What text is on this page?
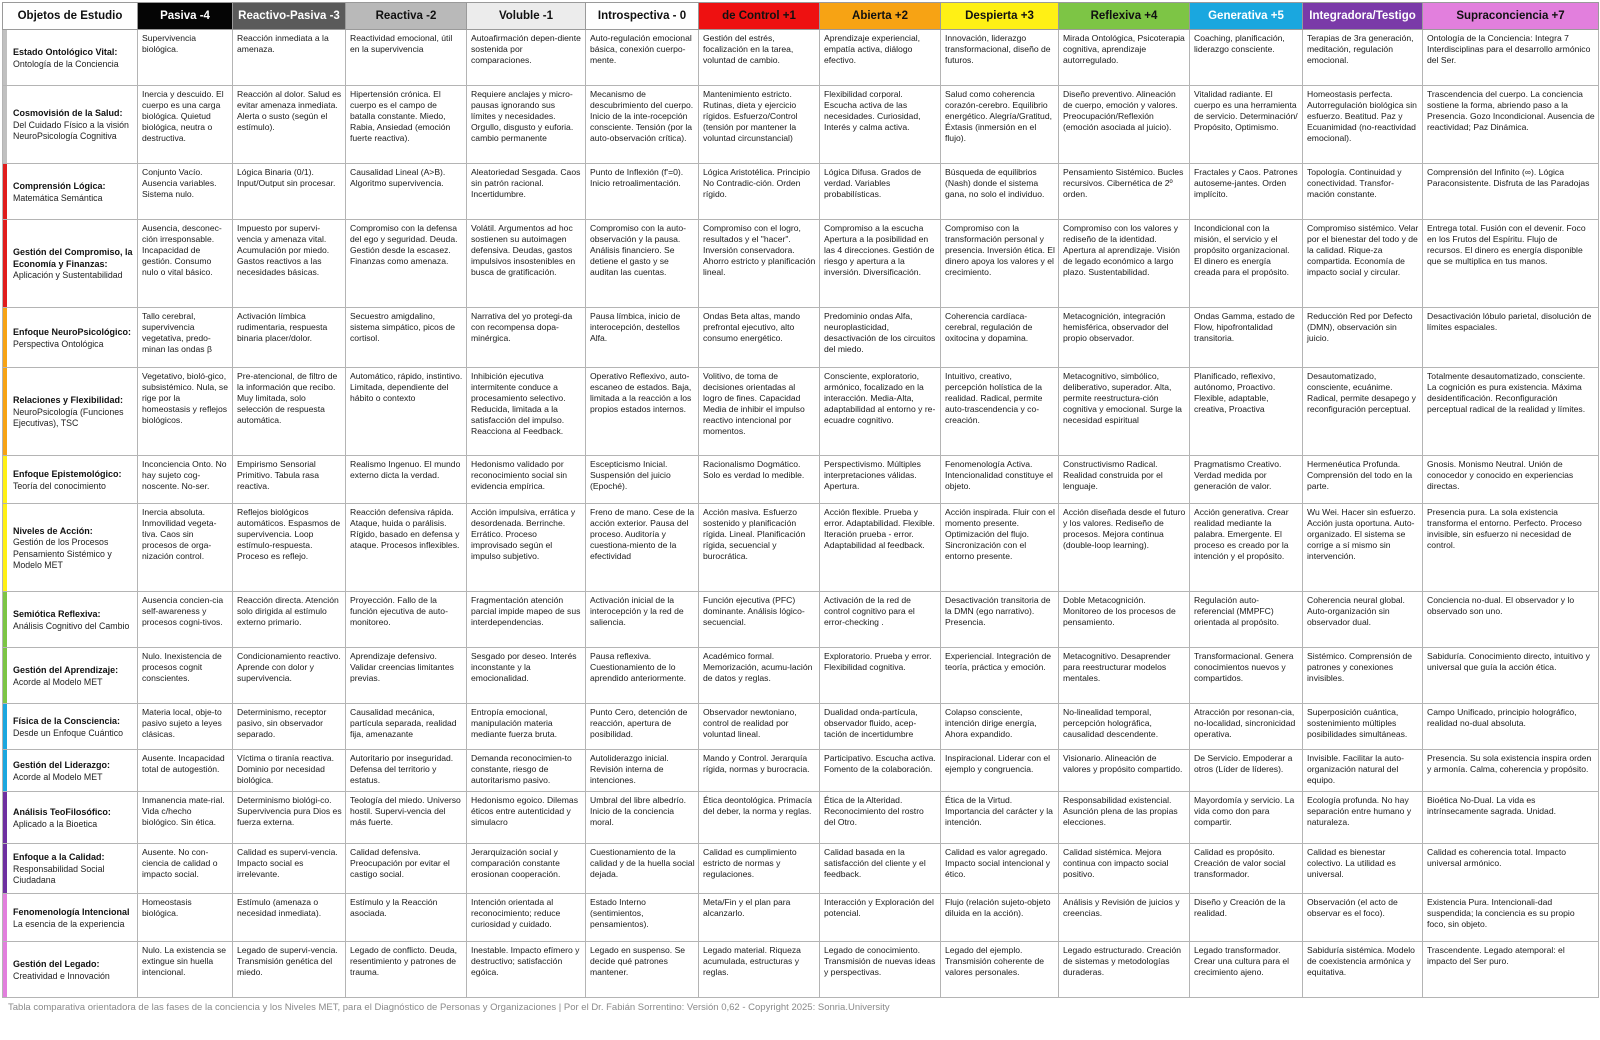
Objetos de Estudio	Pasiva -4	Reactivo-Pasiva -3	Reactiva -2	Voluble -1	Introspectiva - 0	de Control +1	Abierta +2	Despierta +3	Reflexiva +4	Generativa +5	Integradora/Testigo	Supraconciencia +7

Estado Ontológico Vital:
Ontología de la Conciencia	Supervivencia biológica.	Reacción inmediata a la amenaza.	Reactividad emocional, útil en la supervivencia	Autoafirmación depen-diente sostenida por comparaciones.	Auto-regulación emocional básica, conexión cuerpo-mente.	Gestión del estrés, focalización en la tarea, voluntad de cambio.	Aprendizaje experiencial, empatía activa, diálogo efectivo.	Innovación, liderazgo transformacional, diseño de futuros.	Mirada Ontológica, Psicoterapia cognitiva, aprendizaje autorregulado.	Coaching, planificación, liderazgo consciente.	Terapias de 3ra generación, meditación, regulación emocional.	Ontología de la Conciencia: Integra 7 Interdisciplinas para el desarrollo armónico del Ser.

Cosmovisión de la Salud:
Del Cuidado Físico a la visión NeuroPsicología Cognitiva	Inercia y descuido. El cuerpo es una carga biológica. Quietud biológica, neutra o destructiva.	Reacción al dolor. Salud es evitar amenaza inmediata. Alerta o susto (según el estímulo).	Hipertensión crónica. El cuerpo es el campo de batalla constante. Miedo, Rabia, Ansiedad (emoción fuerte reactiva).	Requiere anclajes y micro-pausas ignorando sus límites y necesidades. Orgullo, disgusto y euforia. cambio permanente	Mecanismo de descubrimiento del cuerpo. Inicio de la inte-rocepción consciente. Tensión (por la auto-observación crítica).	Mantenimiento estricto. Rutinas, dieta y ejercicio rígidos. Esfuerzo/Control (tensión por mantener la voluntad circunstancial)	Flexibilidad corporal. Escucha activa de las necesidades. Curiosidad, Interés y calma activa.	Salud como coherencia corazón-cerebro. Equilibrio energético. Alegría/Gratitud, Éxtasis (inmersión en el flujo).	Diseño preventivo. Alineación de cuerpo, emoción y valores. Preocupación/Reflexión (emoción asociada al juicio).	Vitalidad radiante. El cuerpo es una herramienta de servicio. Determinación/ Propósito, Optimismo.	Homeostasis perfecta. Autorregulación biológica sin esfuerzo. Beatitud. Paz y Ecuanimidad (no-reactividad emocional).	Trascendencia del cuerpo. La conciencia sostiene la forma, abriendo paso a la Presencia. Gozo Incondicional. Ausencia de reactividad; Paz Dinámica.

Comprensión Lógica:
Matemática Semántica	Conjunto Vacío. Ausencia variables. Sistema nulo.	Lógica Binaria (0/1). Input/Output sin procesar.	Causalidad Lineal (A>B). Algoritmo supervivencia.	Aleatoriedad Sesgada. Caos sin patrón racional. Incertidumbre.	Punto de Inflexión (f'=0). Inicio retroalimentación.	Lógica Aristotélica. Principio No Contradic-ción. Orden rígido.	Lógica Difusa. Grados de verdad. Variables probabilísticas.	Búsqueda de equilibrios (Nash) donde el sistema gana, no solo el individuo.	Pensamiento Sistémico. Bucles recursivos. Cibernética de 2º orden.	Fractales y Caos. Patrones autoseme-jantes. Orden implícito.	Topología. Continuidad y conectividad. Transfor-mación constante.	Comprensión del Infinito (∞). Lógica Paraconsistente. Disfruta de las Paradojas

Gestión del Compromiso, la Economía y Finanzas:
Aplicación y Sustentabilidad	Ausencia, desconec- ción irresponsable. Incapacidad de gestión. Consumo nulo o vital básico.	Impuesto por supervi-vencia y amenaza vital. Acumulación por miedo. Gastos reactivos a las necesidades básicas.	Compromiso con la defensa del ego y seguridad. Deuda. Gestión desde la escasez. Finanzas como amenaza.	Volátil. Argumentos ad hoc sostienen su autoimagen defensiva. Deudas, gastos impulsivos insostenibles en busca de gratificación.	Compromiso con la auto-observación y la pausa. Análisis financiero. Se detiene el gasto y se auditan las cuentas.	Compromiso con el logro, resultados y el "hacer". Inversión conservadora. Ahorro estricto y planificación lineal.	Compromiso a la escucha Apertura a la posibilidad en las 4 direcciones. Gestión de riesgo y apertura a la inversión. Diversificación.	Compromiso con la transformación personal y presencia. Inversión ética. El dinero apoya los valores y el crecimiento.	Compromiso con los valores y rediseño de la identidad. Apertura al aprendizaje. Visión de legado económico a largo plazo. Sustentabilidad.	Incondicional con la misión, el servicio y el propósito organizacional. El dinero es energía creada para el propósito.	Compromiso sistémico. Velar por el bienestar del todo y de la calidad. Rique-za compartida. Economía de impacto social y circular.	Entrega total. Fusión con el devenir. Foco en los Frutos del Espíritu. Flujo de recursos. El dinero es energía disponible que se multiplica en tus manos.

Enfoque NeuroPsicológico:
Perspectiva Ontológica	Tallo cerebral, supervivencia vegetativa, predo-minan las ondas β	Activación límbica rudimentaria, respuesta binaria placer/dolor.	Secuestro amigdalino, sistema simpático, picos de cortisol.	Narrativa del yo protegi-da con recompensa dopa-minérgica.	Pausa límbica, inicio de interocepción, destellos Alfa.	Ondas Beta altas, mando prefrontal ejecutivo, alto consumo energético.	Predominio ondas Alfa, neuroplasticidad, desactivación de los circuitos del miedo.	Coherencia cardíaca-cerebral, regulación de oxitocina y dopamina.	Metacognición, integración hemisférica, observador del propio observador.	Ondas Gamma, estado de Flow, hipofrontalidad transitoria.	Reducción Red por Defecto (DMN), observación sin juicio.	Desactivación lóbulo parietal, disolución de límites espaciales.

Relaciones y Flexibilidad:
NeuroPsicología (Funciones Ejecutivas), TSC	Vegetativo, bioló-gico, subsistémico. Nula, se rige por la homeostasis y reflejos biológicos.	Pre-atencional, de filtro de la información que recibo. Muy limitada, solo selección de respuesta automática.	Automático, rápido, instintivo. Limitada, dependiente del hábito o contexto	Inhibición ejecutiva intermitente conduce a procesamiento selectivo. Reducida, limitada a la satisfacción del impulso. Reacciona al Feedback.	Operativo Reflexivo, auto-escaneo de estados. Baja, limitada a la reacción a los propios estados internos.	Volitivo, de toma de decisiones orientadas al logro de fines. Capacidad Media de inhibir el impulso reactivo intencional por momentos.	Consciente, exploratorio, armónico, focalizado en la interacción. Media-Alta, adaptabilidad al entorno y re-ecuadre cognitivo.	Intuitivo, creativo, percepción holística de la realidad. Radical, permite auto-trascendencia y co-creación.	Metacognitivo, simbólico, deliberativo, superador. Alta, permite reestructura-ción cognitiva y emocional. Surge la necesidad espiritual	Planificado, reflexivo, autónomo, Proactivo. Flexible, adaptable, creativa, Proactiva	Desautomatizado, consciente, ecuánime. Radical, permite desapego y reconfiguración perceptual.	Totalmente desautomatizado, consciente. La cognición es pura existencia. Máxima desidentificación. Reconfiguración perceptual radical de la realidad y límites.

Enfoque Epistemológico:
Teoría del conocimiento	Inconciencia Onto. No hay sujeto cog-noscente. No-ser.	Empirismo Sensorial Primitivo. Tabula rasa reactiva.	Realismo Ingenuo. El mundo externo dicta la verdad.	Hedonismo validado por reconocimiento social sin evidencia empírica.	Escepticismo Inicial. Suspensión del juicio (Epoché).	Racionalismo Dogmático. Solo es verdad lo medible.	Perspectivismo. Múltiples interpretaciones válidas. Apertura.	Fenomenología Activa. Intencionalidad constituye el objeto.	Constructivismo Radical. Realidad construida por el lenguaje.	Pragmatismo Creativo. Verdad medida por generación de valor.	Hermenéutica Profunda. Comprensión del todo en la parte.	Gnosis. Monismo Neutral. Unión de conocedor y conocido en experiencias directas.

Niveles de Acción:
Gestión de los Procesos Pensamiento Sistémico y Modelo MET	Inercia absoluta. Inmovilidad vegeta-tiva. Caos sin procesos de orga-nización control.	Reflejos biológicos automáticos. Espasmos de supervivencia. Loop estímulo-respuesta. Proceso es reflejo.	Reacción defensiva rápida. Ataque, huida o parálisis. Rígido, basado en defensa y ataque. Procesos inflexibles.	Acción impulsiva, errática y desordenada. Berrinche. Errático. Proceso improvisado según el impulso subjetivo.	Freno de mano. Cese de la acción exterior. Pausa del proceso. Auditoría y cuestiona-miento de la efectividad	Acción masiva. Esfuerzo sostenido y planificación rígida. Lineal. Planificación rígida, secuencial y burocrática.	Acción flexible. Prueba y error. Adaptabilidad. Flexible. Iteración prueba - error. Adaptabilidad al feedback.	Acción inspirada. Fluir con el momento presente. Optimización del flujo. Sincronización con el entorno presente.	Acción diseñada desde el futuro y los valores. Rediseño de procesos. Mejora continua (double-loop learning).	Acción generativa. Crear realidad mediante la palabra. Emergente. El proceso es creado por la intención y el propósito.	Wu Wei. Hacer sin esfuerzo. Acción justa oportuna. Auto-organizado. El sistema se corrige a sí mismo sin intervención.	Presencia pura. La sola existencia transforma el entorno. Perfecto. Proceso invisible, sin esfuerzo ni necesidad de control.

Semiótica Reflexiva:
Análisis Cognitivo del Cambio	Ausencia concien-cia self-awareness y procesos cogni-tivos.	Reacción directa. Atención solo dirigida al estímulo externo primario.	Proyección. Fallo de la función ejecutiva de auto-monitoreo.	Fragmentación atención parcial impide mapeo de sus interdependencias.	Activación inicial de la interocepción y la red de saliencia.	Función ejecutiva (PFC) dominante. Análisis lógico-secuencial.	Activación de la red de control cognitivo para el error-checking .	Desactivación transitoria de la DMN (ego narrativo). Presencia.	Doble Metacognición. Monitoreo de los procesos de pensamiento.	Regulación auto-referencial (MMPFC) orientada al propósito.	Coherencia neural global. Auto-organización sin observador dual.	Conciencia no-dual. El observador y lo observado son uno.

Gestión del Aprendizaje:
Acorde al Modelo MET	Nulo. Inexistencia de procesos cognit conscientes.	Condicionamiento reactivo. Aprende con dolor y supervivencia.	Aprendizaje defensivo. Validar creencias limitantes previas.	Sesgado por deseo. Interés inconstante y la emocionalidad.	Pausa reflexiva. Cuestionamiento de lo aprendido anteriormente.	Académico formal. Memorización, acumu-lación de datos y reglas.	Exploratorio. Prueba y error. Flexibilidad cognitiva.	Experiencial. Integración de teoría, práctica y emoción.	Metacognitivo. Desaprender para reestructurar modelos mentales.	Transformacional. Genera conocimientos nuevos y compartidos.	Sistémico. Comprensión de patrones y conexiones invisibles.	Sabiduría. Conocimiento directo, intuitivo y universal que guía la acción ética.

Física de la Consciencia:
Desde un Enfoque Cuántico	Materia local, obje-to pasivo sujeto a leyes clásicas.	Determinismo, receptor pasivo, sin observador separado.	Causalidad mecánica, partícula separada, realidad fija, amenazante	Entropía emocional, manipulación materia mediante fuerza bruta.	Punto Cero, detención de reacción, apertura de posibilidad.	Observador newtoniano, control de realidad por voluntad lineal.	Dualidad onda-partícula, observador fluido, acep-tación de incertidumbre	Colapso consciente, intención dirige energía, Ahora expandido.	No-linealidad temporal, percepción holográfica, causalidad descendente.	Atracción por resonan-cia, no-localidad, sincronicidad operativa.	Superposición cuántica, sostenimiento múltiples posibilidades simultáneas.	Campo Unificado, principio holográfico, realidad no-dual absoluta.

Gestión del Liderazgo:
Acorde al Modelo MET	Ausente. Incapacidad total de autogestión.	Víctima o tiranía reactiva. Dominio por necesidad biológica.	Autoritario por inseguridad. Defensa del territorio y estatus.	Demanda reconocimien-to constante, riesgo de autoritarismo pasivo.	Autoliderazgo inicial. Revisión interna de intenciones.	Mando y Control. Jerarquía rígida, normas y burocracia.	Participativo. Escucha activa. Fomento de la colaboración.	Inspiracional. Liderar con el ejemplo y congruencia.	Visionario. Alineación de valores y propósito compartido.	De Servicio. Empoderar a otros (Líder de líderes).	Invisible. Facilitar la auto-organización natural del equipo.	Presencia. Su sola existencia inspira orden y armonía. Calma, coherencia y propósito.

Análisis TeoFilosófico:
Aplicado a la Bioetica	Inmanencia mate-rial. Vida c/hecho biológico. Sin ética.	Determinismo biológi-co. Supervivencia pura Dios es fuerza externa.	Teología del miedo. Universo hostil. Supervi-vencia del más fuerte.	Hedonismo egoico. Dilemas éticos entre autenticidad y simulacro	Umbral del libre albedrío. Inicio de la conciencia moral.	Ética deontológica. Primacía del deber, la norma y reglas.	Ética de la Alteridad. Reconocimiento del rostro del Otro.	Ética de la Virtud. Importancia del carácter y la intención.	Responsabilidad existencial. Asunción plena de las propias elecciones.	Mayordomía y servicio. La vida como don para compartir.	Ecología profunda. No hay separación entre humano y naturaleza.	Bioética No-Dual. La vida es intrínsecamente sagrada. Unidad.

Enfoque a la Calidad:
Responsabilidad Social Ciudadana	Ausente. No con-ciencia de calidad o impacto social.	Calidad es supervi-vencia. Impacto social es irrelevante.	Calidad defensiva. Preocupación por evitar el castigo social.	Jerarquización social y comparación constante erosionan cooperación.	Cuestionamiento de la calidad y de la huella social dejada.	Calidad es cumplimiento estricto de normas y regulaciones.	Calidad basada en la satisfacción del cliente y el feedback.	Calidad es valor agregado. Impacto social intencional y ético.	Calidad sistémica. Mejora continua con impacto social positivo.	Calidad es propósito. Creación de valor social transformador.	Calidad es bienestar colectivo. La utilidad es universal.	Calidad es coherencia total. Impacto universal armónico.

Fenomenología Intencional
La esencia de la experiencia	Homeostasis biológica.	Estímulo (amenaza o necesidad inmediata).	Estímulo y la Reacción asociada.	Intención orientada al reconocimiento; reduce curiosidad y cuidado.	Estado Interno (sentimientos, pensamientos).	Meta/Fin y el plan para alcanzarlo.	Interacción y Exploración del potencial.	Flujo (relación sujeto-objeto diluida en la acción).	Análisis y Revisión de juicios y creencias.	Diseño y Creación de la realidad.	Observación (el acto de observar es el foco).	Existencia Pura. Intencionali-dad suspendida; la conciencia es su propio foco, sin objeto.

Gestión del Legado:
Creatividad e Innovación	Nulo. La existencia se extingue sin huella intencional.	Legado de supervi-vencia. Transmisión genética del miedo.	Legado de conflicto. Deuda, resentimiento y patrones de trauma.	Inestable. Impacto efímero y destructivo; satisfacción egóica.	Legado en suspenso. Se decide qué patrones mantener.	Legado material. Riqueza acumulada, estructuras y reglas.	Legado de conocimiento. Transmisión de nuevas ideas y perspectivas.	Legado del ejemplo. Transmisión coherente de valores personales.	Legado estructurado. Creación de sistemas y metodologías duraderas.	Legado transformador. Crear una cultura para el crecimiento ajeno.	Sabiduría sistémica. Modelo de coexistencia armónica y equitativa.	Trascendente. Legado atemporal: el impacto del Ser puro.
Tabla comparativa orientadora de las fases de la conciencia y los Niveles MET, para el Diagnóstico de Personas y Organizaciones | Por el Dr. Fabián Sorrentino: Versión 0,62 - Copyright 2025: Sonria.University
